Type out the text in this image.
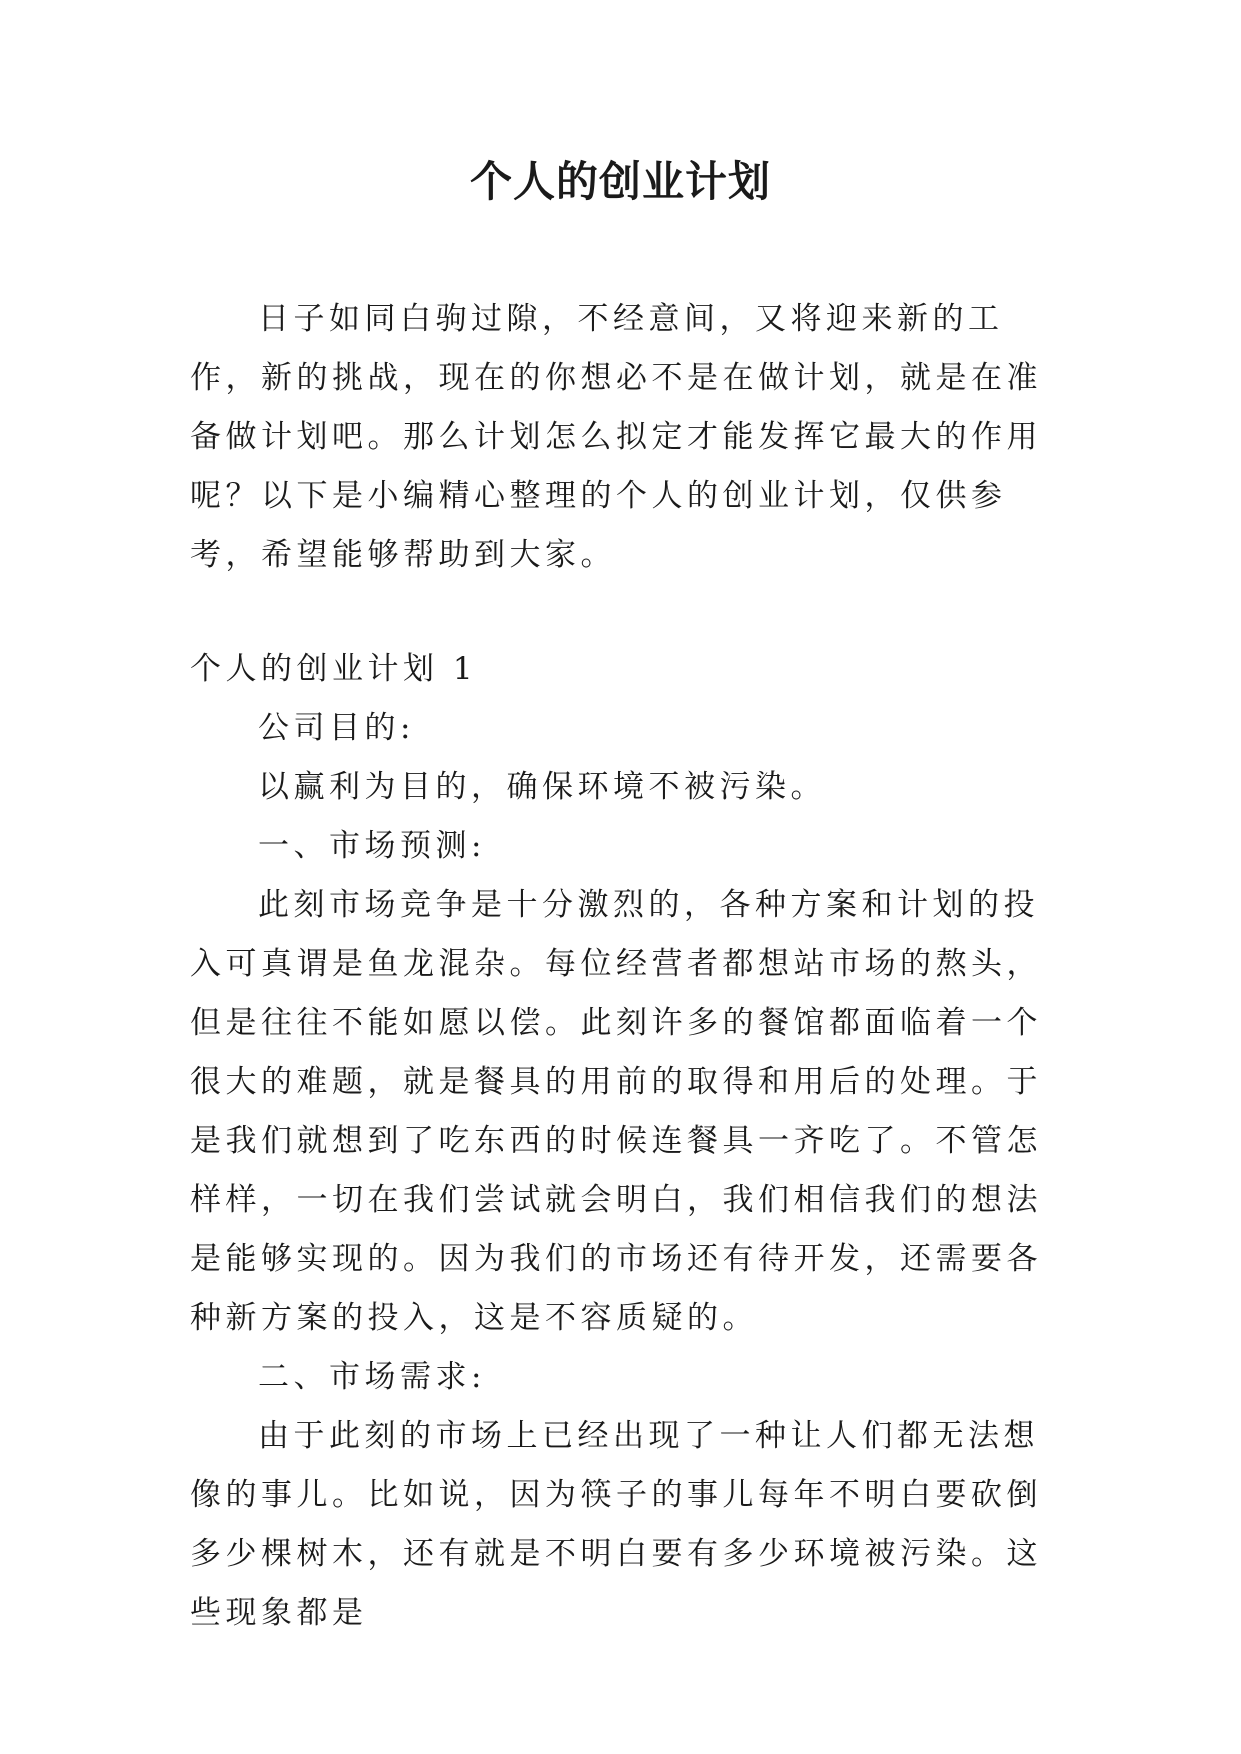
个人的创业计划

日子如同白驹过隙，不经意间，又将迎来新的工作，新的挑战，现在的你想必不是在做计划，就是在准备做计划吧。那么计划怎么拟定才能发挥它最大的作用呢？以下是小编精心整理的个人的创业计划，仅供参考，希望能够帮助到大家。

个人的创业计划 1

公司目的:

以赢利为目的，确保环境不被污染。

一、市场预测:

此刻市场竞争是十分激烈的，各种方案和计划的投入可真谓是鱼龙混杂。每位经营者都想站市场的熬头，但是往往不能如愿以偿。此刻许多的餐馆都面临着一个很大的难题，就是餐具的用前的取得和用后的处理。于是我们就想到了吃东西的时候连餐具一齐吃了。不管怎样样，一切在我们尝试就会明白，我们相信我们的想法是能够实现的。因为我们的市场还有待开发，还需要各种新方案的投入，这是不容质疑的。

二、市场需求:

由于此刻的市场上已经出现了一种让人们都无法想像的事儿。比如说，因为筷子的事儿每年不明白要砍倒多少棵树木，还有就是不明白要有多少环境被污染。这些现象都是
